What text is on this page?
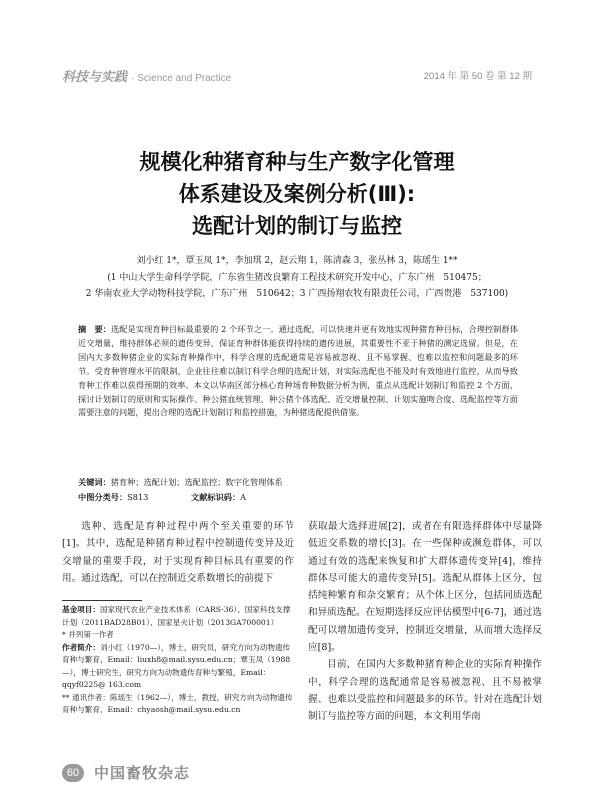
科技与实践 · Science and Practice	2014 年 第 50 卷 第 12 期
规模化种猪育种与生产数字化管理
体系建设及案例分析(Ⅲ):
选配计划的制订与监控
刘小红 1*，覃玉凤 1*，李加琪 2，赵云翔 1，陈清森 3，张丛林 3，陈瑶生 1**
(1 中山大学生命科学学院，广东省生猪改良繁育工程技术研究开发中心，广东广州　510475；
2 华南农业大学动物科技学院，广东广州　510642；3 广西扬翔农牧有限责任公司，广西贵港　537100)
摘　要：选配是实现育种目标最重要的 2 个环节之一。通过选配，可以快速并更有效地实现种猪育种目标，合理控制群体近交增量，维持群体必须的遗传变异，保证育种群体能获得持续的遗传进展，其重要性不亚于种猪的测定选留。但是，在国内大多数种猪企业的实际育种操作中，科学合理的选配通常是容易被忽视、且不易掌握、也难以监控和问题最多的环节。受育种管理水平的限制，企业往往难以制订科学合理的选配计划，对实际选配也不能及时有效地进行监控，从而导致育种工作难以获得预期的效率。本文以华南区部分核心育种场育种数据分析为例，重点从选配计划制订和监控 2 个方面，探讨计划制订的原则和实际操作、种公猪血统管理、种公猪个体选配、近交增量控制、计划实施吻合度、选配监控等方面需要注意的问题，提出合理的选配计划制订和监控措施，为种猪选配提供借鉴。
关键词：猪育种；选配计划；选配监控；数字化管理体系
中图分类号：S813	文献标识码：A

选种、选配是育种过程中两个至关重要的环节[1]。其中，选配是种猪育种过程中控制遗传变异及近交增量的重要手段，对于实现育种目标具有重要的作用。通过选配，可以在控制近交系数增长的前提下

基金项目：国家现代农业产业技术体系（CARS-36）、国家科技支撑计划（2011BAD28B01）、国家星火计划（2013GA700001）
* 并列第一作者
作者简介：刘小红（1970—），博士，研究员，研究方向为动物遗传育种与繁育，Email：liuxh8@mail.sysu.edu.cn；覃玉凤（1988—），博士研究生，研究方向为动物遗传育种与繁殖，Email：qqyf0225@ 163.com
** 通讯作者：陈瑶生（1962—），博士，教授，研究方向为动物遗传育种与繁育，Email：chyaosh@mail.sysu.edu.cn

获取最大选择进展[2]，或者在有限选择群体中尽量降低近交系数的增长[3]。在一些保种或濒危群体，可以通过有效的选配来恢复和扩大群体遗传变异[4]，维持群体尽可能大的遗传变异[5]。选配从群体上区分，包括纯种繁育和杂交繁育；从个体上区分，包括同质选配和异质选配。在短期选择反应评估模型中[6-7]，通过选配可以增加遗传变异，控制近交增量，从而增大选择反应[8]。

目前，在国内大多数种猪育种企业的实际育种操作中，科学合理的选配通常是容易被忽视、且不易被掌握、也难以受监控和问题最多的环节。针对在选配计划制订与监控等方面的问题，本文利用华南

60 中国畜牧杂志
